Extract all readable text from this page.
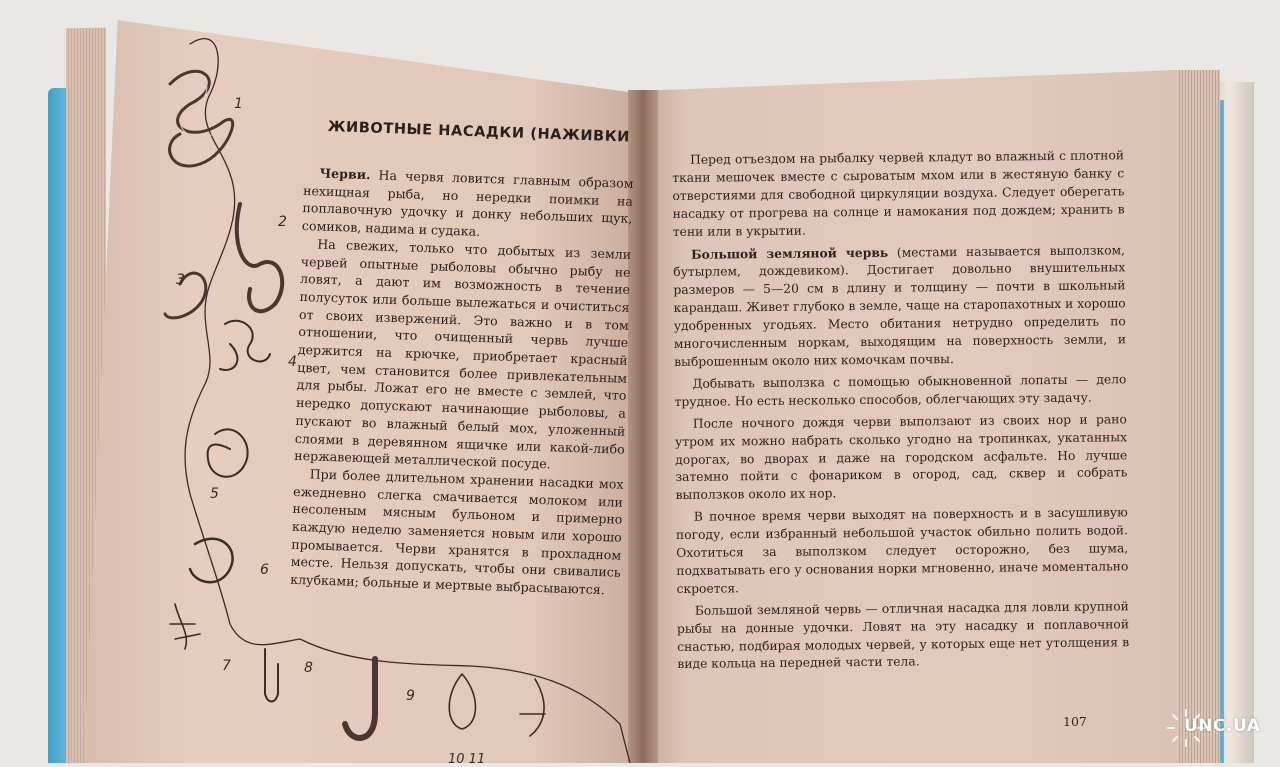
1
2
3
4
5
6
7	8
9
10 11
ЖИВОТНЫЕ НАСАДКИ (НАЖИВКИ

Черви. На червя ловится главным образом нехищная рыба, но нередки поимки на поплавочную удочку и донку небольших щук, сомиков, надима и судака.

На свежих, только что добытых из земли червей опытные рыболовы обычно рыбу не ловят, а дают им возможность в течение полусуток или больше вылежаться и очиститься от своих извержений. Это важно и в том отношении, что очищенный червь лучше держится на крючке, приобретает красный цвет, чем становится более привлекательным для рыбы. Ложат его не вместе с землей, что нередко допускают начинающие рыболовы, а пускают во влажный белый мох, уложенный слоями в деревянном ящичке или какой-либо нержавеющей металлической посуде.

При более длительном хранении насадки мох ежедневно слегка смачивается молоком или несоленым мясным бульоном и примерно каждую неделю заменяется новым или хорошо промывается. Черви хранятся в прохладном месте. Нельзя допускать, чтобы они свивались клубками; больные и мертвые выбрасываются.

Перед отъездом на рыбалку червей кладут во влажный с плотной ткани мешочек вместе с сыроватым мхом или в жестяную банку с отверстиями для свободной циркуляции воздуха. Следует оберегать насадку от прогрева на солнце и намокания под дождем; хранить в тени или в укрытии.

Большой земляной червь (местами называется выползком, бутырлем, дождевиком). Достигает довольно внушительных размеров — 5—20 см в длину и толщину — почти в школьный карандаш. Живет глубоко в земле, чаще на старопахотных и хорошо удобренных угодьях. Место обитания нетрудно определить по многочисленным норкам, выходящим на поверхность земли, и выброшенным около них комочкам почвы.

Добывать выползка с помощью обыкновенной лопаты — дело трудное. Но есть несколько способов, облегчающих эту задачу.

После ночного дождя черви выползают из своих нор и рано утром их можно набрать сколько угодно на тропинках, укатанных дорогах, во дворах и даже на городском асфальте. Но лучше затемно пойти с фонариком в огород, сад, сквер и собрать выползков около их нор.

В почное время черви выходят на поверхность и в засушливую погоду, если избранный небольшой участок обильно полить водой. Охотиться за выползком следует осторожно, без шума, подхватывать его у основания норки мгновенно, иначе моментально скроется.

Большой земляной червь — отличная насадка для ловли крупной рыбы на донные удочки. Ловят на эту насадку и поплавочной снастью, подбирая молодых червей, у которых еще нет утолщения в виде кольца на передней части тела.

107	UNC.UA
